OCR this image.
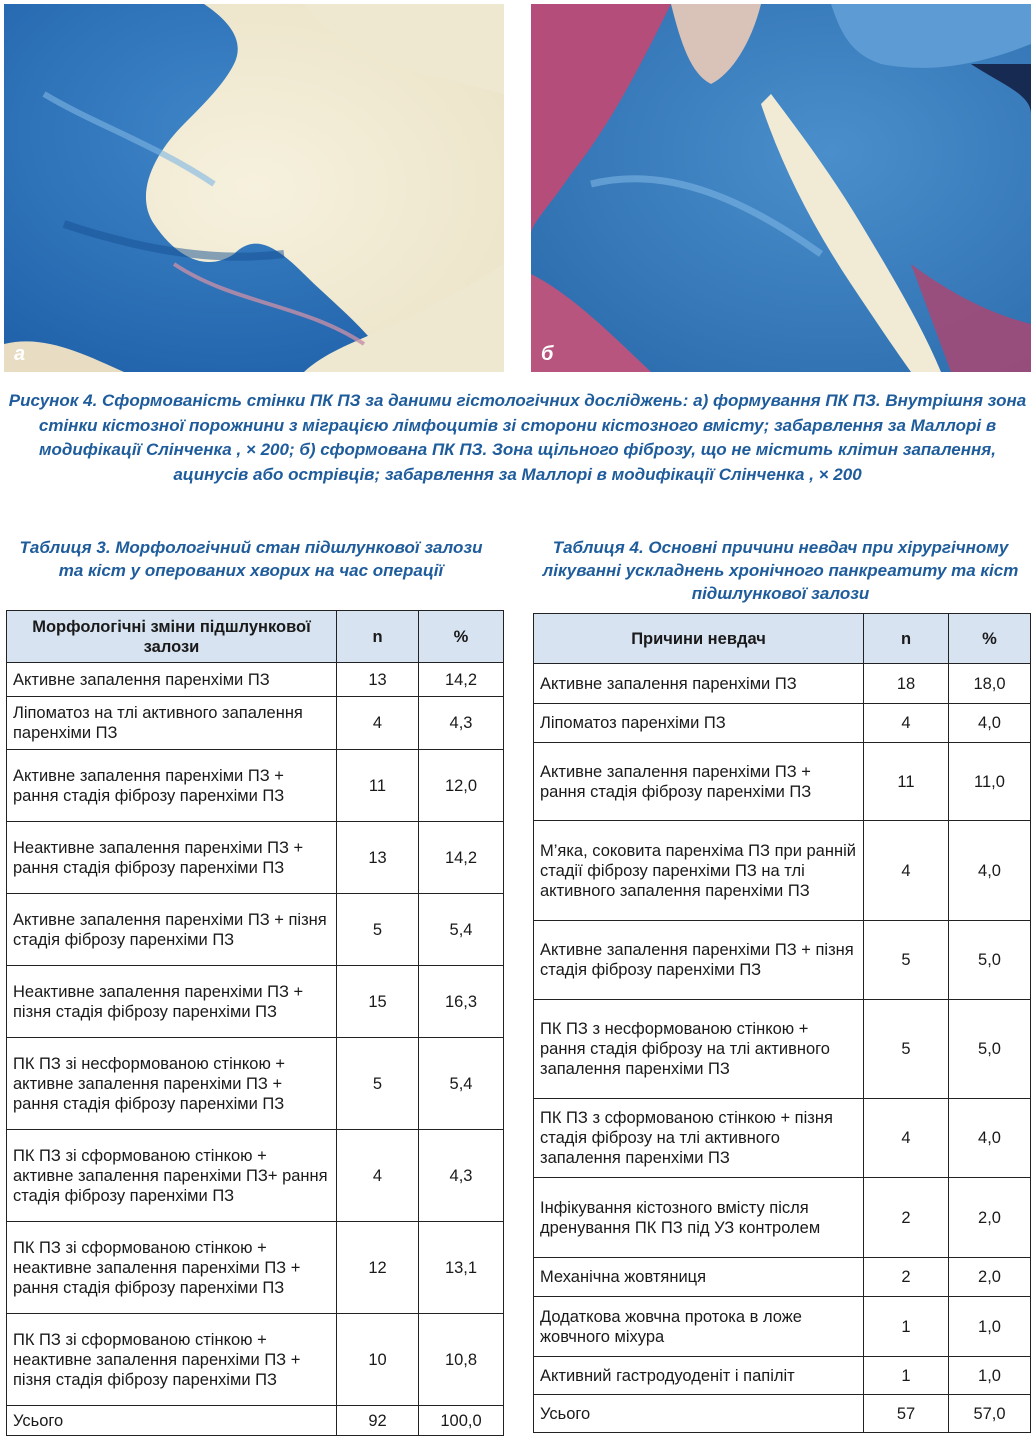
а	б
Рисунок 4. Сформованість стінки ПК ПЗ за даними гістологічних досліджень: а) формування ПК ПЗ. Внутрішня зона стінки кістозної порожнини з міграцією лімфоцитів зі сторони кістозного вмісту; забарвлення за Маллорі в модифікації Слінченка , × 200; б) сформована ПК ПЗ. Зона щільного фіброзу, що не містить клітин запалення, ацинусів або острівців; забарвлення за Маллорі в модифікації Слінченка , × 200
Таблиця 3. Морфологічний стан підшлункової залози та кіст у оперованих хворих на час операції
Таблиця 4. Основні причини невдач при хірургічному лікуванні ускладнень хронічного панкреатиту та кіст підшлункової залози
Морфологічні зміни підшлункової залози	n	%
Активне запалення паренхіми ПЗ	13	14,2
Ліпоматоз на тлі активного запалення паренхіми ПЗ	4	4,3
Активне запалення паренхіми ПЗ + рання стадія фіброзу паренхіми ПЗ	11	12,0
Неактивне запалення паренхіми ПЗ + рання стадія фіброзу паренхіми ПЗ	13	14,2
Активне запалення паренхіми ПЗ + пізня стадія фіброзу паренхіми ПЗ	5	5,4
Неактивне запалення паренхіми ПЗ + пізня стадія фіброзу паренхіми ПЗ	15	16,3
ПК ПЗ зі несформованою стінкою + активне запалення паренхіми ПЗ + рання стадія фіброзу паренхіми ПЗ	5	5,4
ПК ПЗ зі сформованою стінкою + активне запалення паренхіми ПЗ+ рання стадія фіброзу паренхіми ПЗ	4	4,3
ПК ПЗ зі сформованою стінкою + неактивне запалення паренхіми ПЗ + рання стадія фіброзу паренхіми ПЗ	12	13,1
ПК ПЗ зі сформованою стінкою + неактивне запалення паренхіми ПЗ + пізня стадія фіброзу паренхіми ПЗ	10	10,8
Усього	92	100,0
Причини невдач	n	%
Активне запалення паренхіми ПЗ	18	18,0
Ліпоматоз паренхіми ПЗ	4	4,0
Активне запалення паренхіми ПЗ + рання стадія фіброзу паренхіми ПЗ	11	11,0
М’яка, соковита паренхіма ПЗ при ранній стадії фіброзу паренхіми ПЗ на тлі активного запалення паренхіми ПЗ	4	4,0
Активне запалення паренхіми ПЗ + пізня стадія фіброзу паренхіми ПЗ	5	5,0
ПК ПЗ з несформованою стінкою + рання стадія фіброзу на тлі активного запалення паренхіми ПЗ	5	5,0
ПК ПЗ з сформованою стінкою + пізня стадія фіброзу на тлі активного запалення паренхіми ПЗ	4	4,0
Інфікування кістозного вмісту після дренування ПК ПЗ під УЗ контролем	2	2,0
Механічна жовтяниця	2	2,0
Додаткова жовчна протока в ложе жовчного міхура	1	1,0
Активний гастродуоденіт і папіліт	1	1,0
Усього	57	57,0
